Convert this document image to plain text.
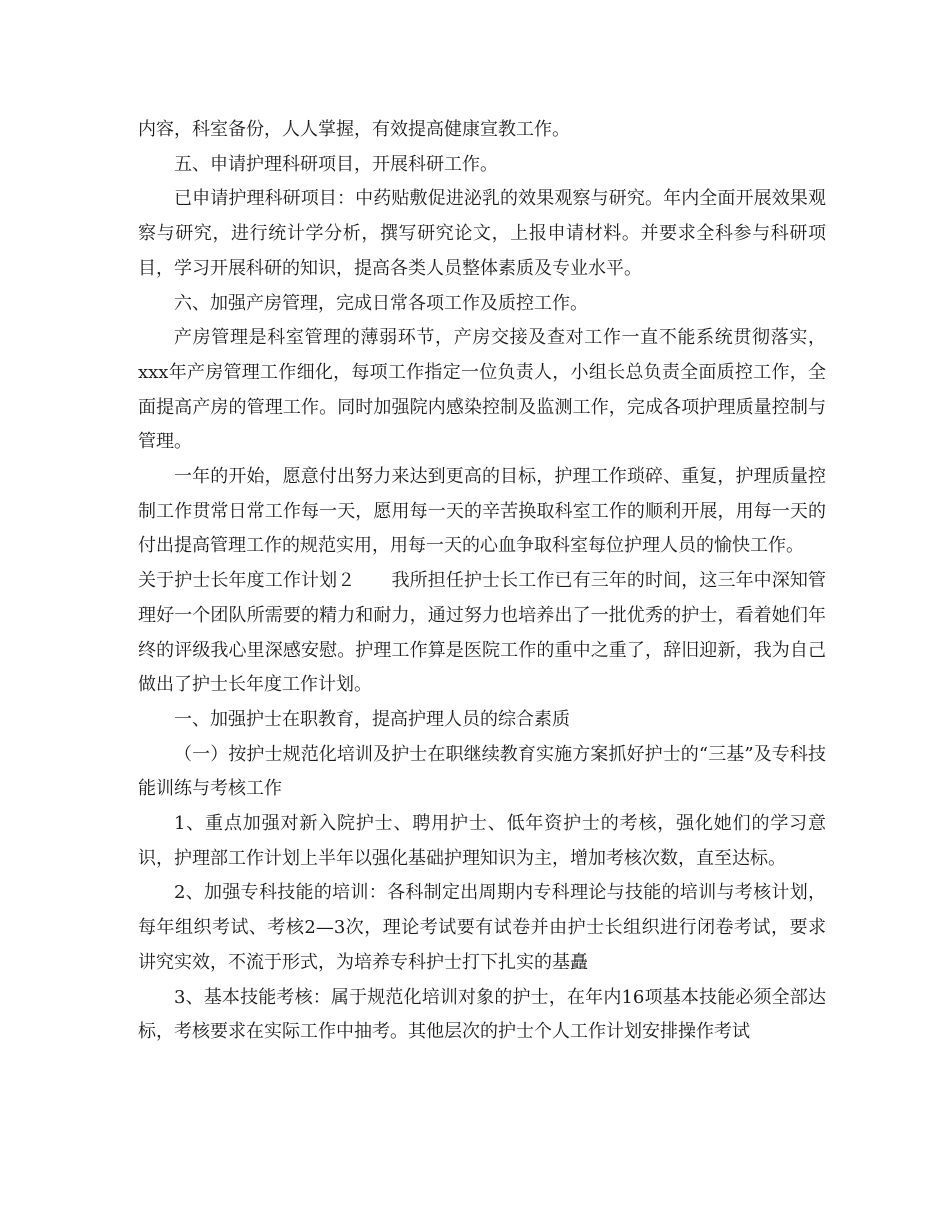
内容，科室备份，人人掌握，有效提高健康宣教工作。

五、申请护理科研项目，开展科研工作。

已申请护理科研项目：中药贴敷促进泌乳的效果观察与研究。年内全面开展效果观察与研究，进行统计学分析，撰写研究论文，上报申请材料。并要求全科参与科研项目，学习开展科研的知识，提高各类人员整体素质及专业水平。

六、加强产房管理，完成日常各项工作及质控工作。

产房管理是科室管理的薄弱环节，产房交接及查对工作一直不能系统贯彻落实，xxx年产房管理工作细化，每项工作指定一位负责人，小组长总负责全面质控工作，全面提高产房的管理工作。同时加强院内感染控制及监测工作，完成各项护理质量控制与管理。

一年的开始，愿意付出努力来达到更高的目标，护理工作琐碎、重复，护理质量控制工作贯常日常工作每一天，愿用每一天的辛苦换取科室工作的顺利开展，用每一天的付出提高管理工作的规范实用，用每一天的心血争取科室每位护理人员的愉快工作。

关于护士长年度工作计划２　　我所担任护士长工作已有三年的时间，这三年中深知管理好一个团队所需要的精力和耐力，通过努力也培养出了一批优秀的护士，看着她们年终的评级我心里深感安慰。护理工作算是医院工作的重中之重了，辞旧迎新，我为自己做出了护士长年度工作计划。

一、加强护士在职教育，提高护理人员的综合素质

（一）按护士规范化培训及护士在职继续教育实施方案抓好护士的“三基”及专科技能训练与考核工作

1、重点加强对新入院护士、聘用护士、低年资护士的考核，强化她们的学习意识，护理部工作计划上半年以强化基础护理知识为主，增加考核次数，直至达标。

2、加强专科技能的培训：各科制定出周期内专科理论与技能的培训与考核计划，每年组织考试、考核2—3次，理论考试要有试卷并由护士长组织进行闭卷考试，要求讲究实效，不流于形式，为培养专科护士打下扎实的基矗

3、基本技能考核：属于规范化培训对象的护士，在年内16项基本技能必须全部达标，考核要求在实际工作中抽考。其他层次的护士个人工作计划安排操作考试
